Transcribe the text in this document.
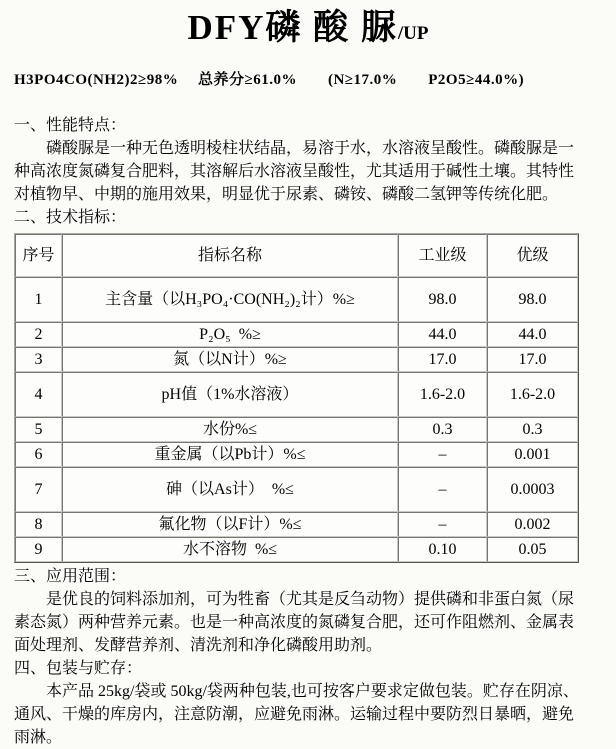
DFY磷 酸 脲/UP
H3PO4CO(NH2)2≥98%　 总养分≥61.0%　　(N≥17.0%　　P2O5≥44.0%)
一、性能特点：

磷酸脲是一种无色透明棱柱状结晶，易溶于水，水溶液呈酸性。磷酸脲是一种高浓度氮磷复合肥料，其溶解后水溶液呈酸性，尤其适用于碱性土壤。其特性对植物早、中期的施用效果，明显优于尿素、磷铵、磷酸二氢钾等传统化肥。

二、技术指标：
序号	指标名称	工业级	优级
1	主含量（以H₃PO₄·CO(NH₂)₂计）%≥	98.0	98.0
2	P₂O₅  %≥	44.0	44.0
3	氮（以N计）%≥	17.0	17.0
4	pH值（1%水溶液）	1.6-2.0	1.6-2.0
5	水份%≤	0.3	0.3
6	重金属（以Pb计）%≤	–	0.001
7	砷（以As计）  %≤	–	0.0003
8	氟化物（以F计）%≤	–	0.002
9	水不溶物  %≤	0.10	0.05
三、应用范围：

是优良的饲料添加剂，可为牲畜（尤其是反刍动物）提供磷和非蛋白氮（尿素态氮）两种营养元素。也是一种高浓度的氮磷复合肥，还可作阻燃剂、金属表面处理剂、发酵营养剂、清洗剂和净化磷酸用助剂。

四、包装与贮存：

本产品 25kg/袋或 50kg/袋两种包装,也可按客户要求定做包装。贮存在阴凉、通风、干燥的库房内，注意防潮，应避免雨淋。运输过程中要防烈日暴晒，避免雨淋。
